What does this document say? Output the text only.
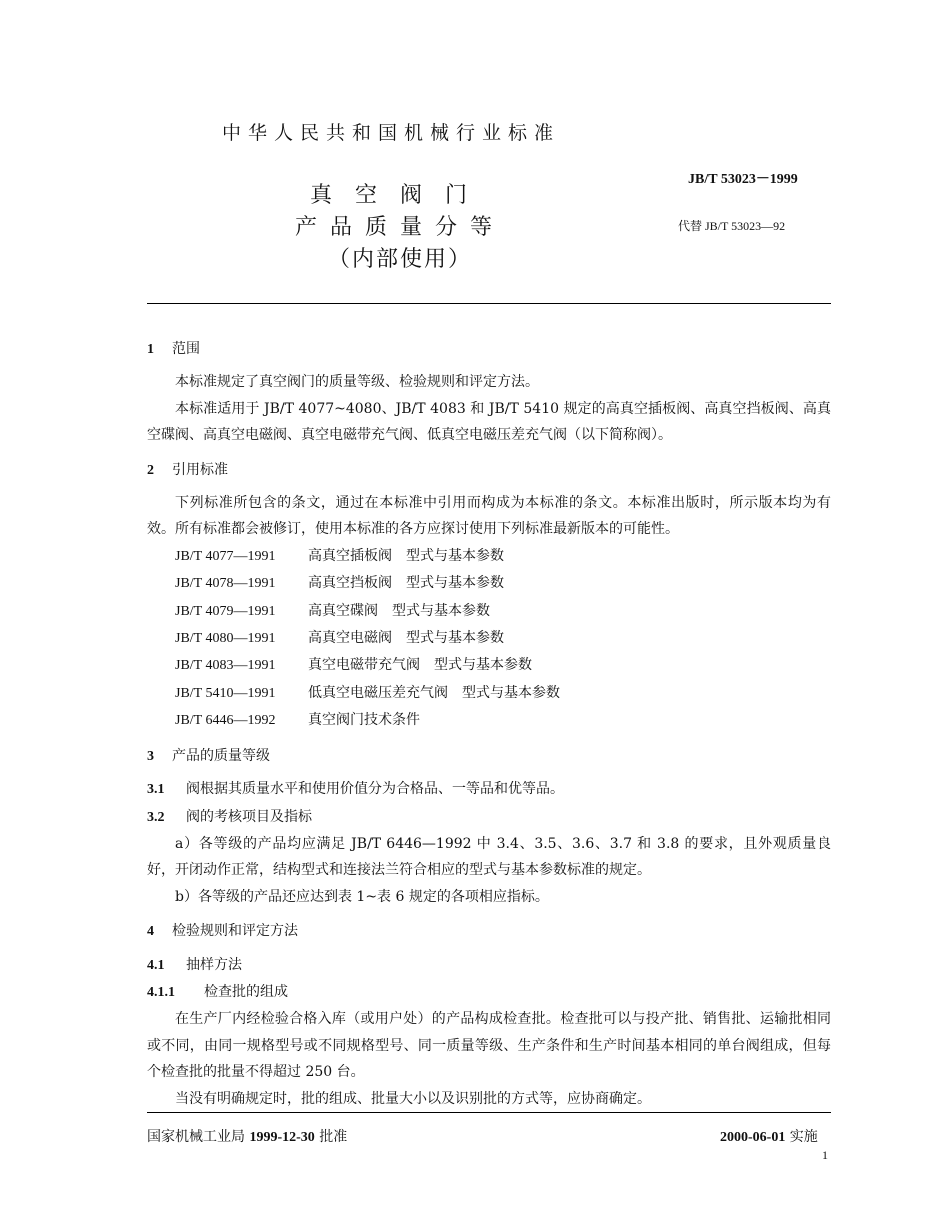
中华人民共和国机械行业标准
JB/T 53023－1999
真空阀门
产品质量分等	代替 JB/T 53023—92
（内部使用）

1 范围

本标准规定了真空阀门的质量等级、检验规则和评定方法。

本标准适用于 JB/T 4077~4080、JB/T 4083 和 JB/T 5410 规定的高真空插板阀、高真空挡板阀、高真空碟阀、高真空电磁阀、真空电磁带充气阀、低真空电磁压差充气阀（以下简称阀）。

2 引用标准

下列标准所包含的条文，通过在本标准中引用而构成为本标准的条文。本标准出版时，所示版本均为有效。所有标准都会被修订，使用本标准的各方应探讨使用下列标准最新版本的可能性。

JB/T 4077—1991 高真空插板阀　型式与基本参数

JB/T 4078—1991 高真空挡板阀　型式与基本参数

JB/T 4079—1991 高真空碟阀　型式与基本参数

JB/T 4080—1991 高真空电磁阀　型式与基本参数

JB/T 4083—1991 真空电磁带充气阀　型式与基本参数

JB/T 5410—1991 低真空电磁压差充气阀　型式与基本参数

JB/T 6446—1992 真空阀门技术条件

3 产品的质量等级

3.1 阀根据其质量水平和使用价值分为合格品、一等品和优等品。

3.2 阀的考核项目及指标

a）各等级的产品均应满足 JB/T 6446—1992 中 3.4、3.5、3.6、3.7 和 3.8 的要求，且外观质量良好，开闭动作正常，结构型式和连接法兰符合相应的型式与基本参数标准的规定。

b）各等级的产品还应达到表 1~表 6 规定的各项相应指标。

4 检验规则和评定方法

4.1 抽样方法

4.1.1 检查批的组成

在生产厂内经检验合格入库（或用户处）的产品构成检查批。检查批可以与投产批、销售批、运输批相同或不同，由同一规格型号或不同规格型号、同一质量等级、生产条件和生产时间基本相同的单台阀组成，但每个检查批的批量不得超过 250 台。

当没有明确规定时，批的组成、批量大小以及识别批的方式等，应协商确定。

国家机械工业局 1999-12-30 批准	2000-06-01 实施
1
